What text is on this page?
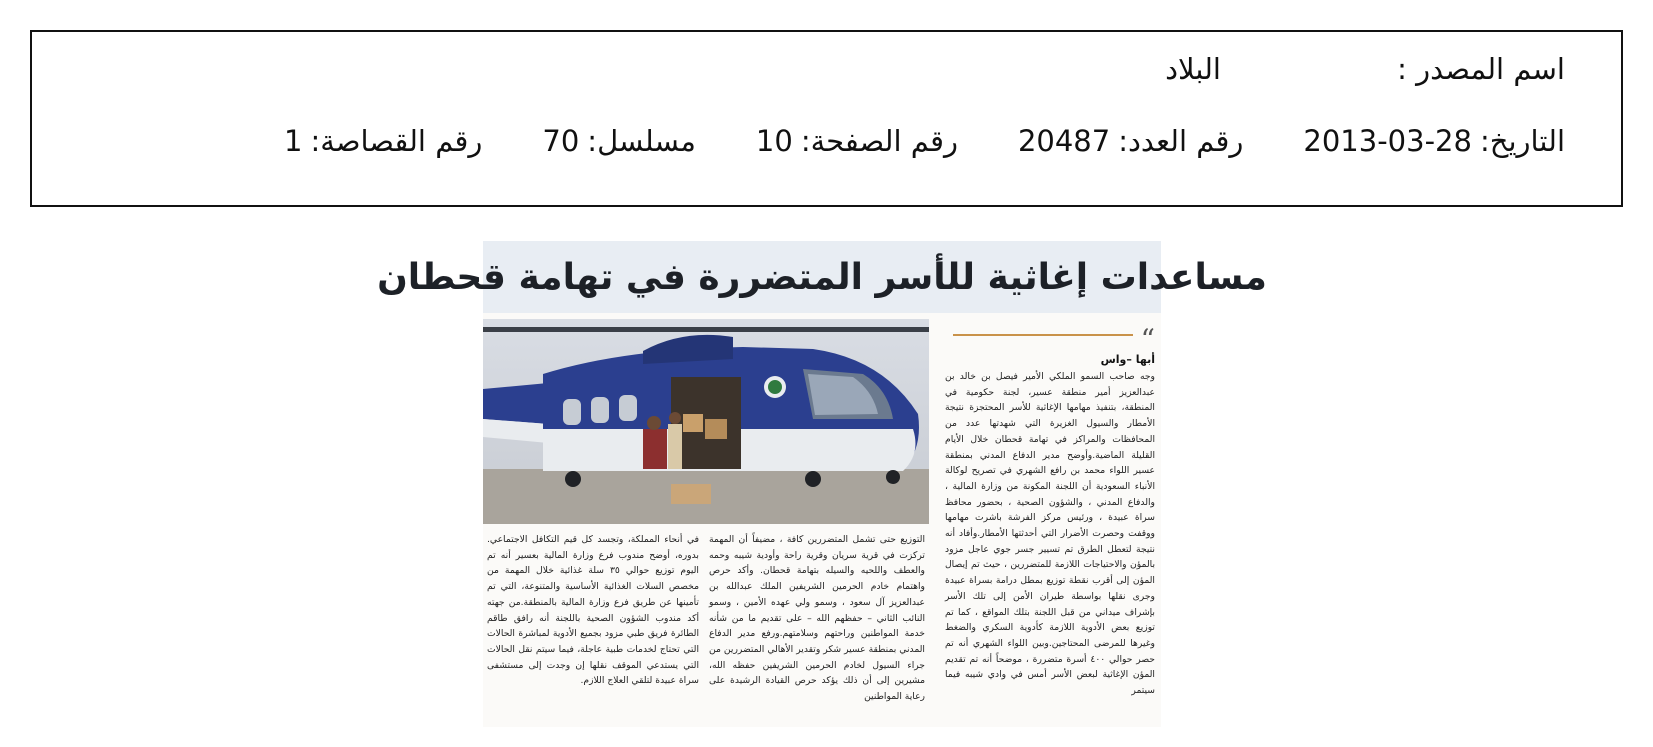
اسم المصدر :
البلاد
التاريخ:
2013-03-28
رقم العدد:
20487
رقم الصفحة:
10
مسلسل:
70
رقم القصاصة:
1
مساعدات إغاثية للأسر المتضررة في تهامة قحطان
“
أبها –واس
وجه صاحب السمو الملكي الأمير فيصل بن خالد بن عبدالعزيز أمير منطقة عسير، لجنة حكومية في المنطقة، بتنفيذ مهامها الإغاثية للأسر المحتجزة نتيجة الأمطار والسيول الغزيرة التي شهدتها عدد من المحافظات والمراكز في تهامة قحطان خلال الأيام القليلة الماضية.وأوضح مدير الدفاع المدني بمنطقة عسير اللواء محمد بن رافع الشهري في تصريح لوكالة الأنباء السعودية أن اللجنة المكونة من وزارة المالية ، والدفاع المدني ، والشؤون الصحية ، بحضور محافظ سراة عبيدة ، ورئيس مركز الفرشة باشرت مهامها ووقفت وحصرت الأضرار التي أحدثتها الأمطار.وأفاد أنه نتيجة لتعطل الطرق تم تسيير جسر جوي عاجل مزود بالمؤن والاحتياجات اللازمة للمتضررين ، حيث تم إيصال المؤن إلى أقرب نقطة توزيع بمطل درامة بسراة عبيدة وجرى نقلها بواسطة طيران الأمن إلى تلك الأسر بإشراف ميداني من قبل اللجنة بتلك المواقع ، كما تم توزيع بعض الأدوية اللازمة كأدوية السكري والضغط وغيرها للمرضى المحتاجين.وبين اللواء الشهري أنه تم حصر حوالي ٤٠٠ أسرة متضررة ، موضحاً أنه تم تقديم المؤن الإغاثية لبعض الأسر أمس في وادي شيبه فيما سيتمر
التوزيع حتى تشمل المتضررين كافة ، مضيفاً أن المهمة تركزت في قرية سريان وقرية راحة وأودية شيبه وحمه والعطف واللحيه والسيله بتهامة قحطان. وأكد حرص واهتمام خادم الحرمين الشريفين الملك عبدالله بن عبدالعزيز آل سعود ، وسمو ولي عهده الأمين ، وسمو النائب الثاني – حفظهم الله – على تقديم ما من شأنه خدمة المواطنين وراحتهم وسلامتهم.ورفع مدير الدفاع المدني بمنطقة عسير شكر وتقدير الأهالي المتضررين من جراء السيول لخادم الحرمين الشريفين حفظه الله، مشيرين إلى أن ذلك يؤكد حرص القيادة الرشيدة على رعاية المواطنين
في أنحاء المملكة، وتجسد كل قيم التكافل الاجتماعي. بدوره، أوضح مندوب فرع وزارة المالية بعسير أنه تم اليوم توزيع حوالي ٣٥ سلة غذائية خلال المهمة من مخصص السلات الغذائية الأساسية والمتنوعة، التي تم تأمينها عن طريق فرع وزارة المالية بالمنطقة.من جهته أكد مندوب الشؤون الصحية باللجنة أنه رافق طاقم الطائرة فريق طبي مزود بجميع الأدوية لمباشرة الحالات التي تحتاج لخدمات طبية عاجلة، فيما سيتم نقل الحالات التي يستدعي الموقف نقلها إن وجدت إلى مستشفى سراة عبيدة لتلقي العلاج اللازم.
